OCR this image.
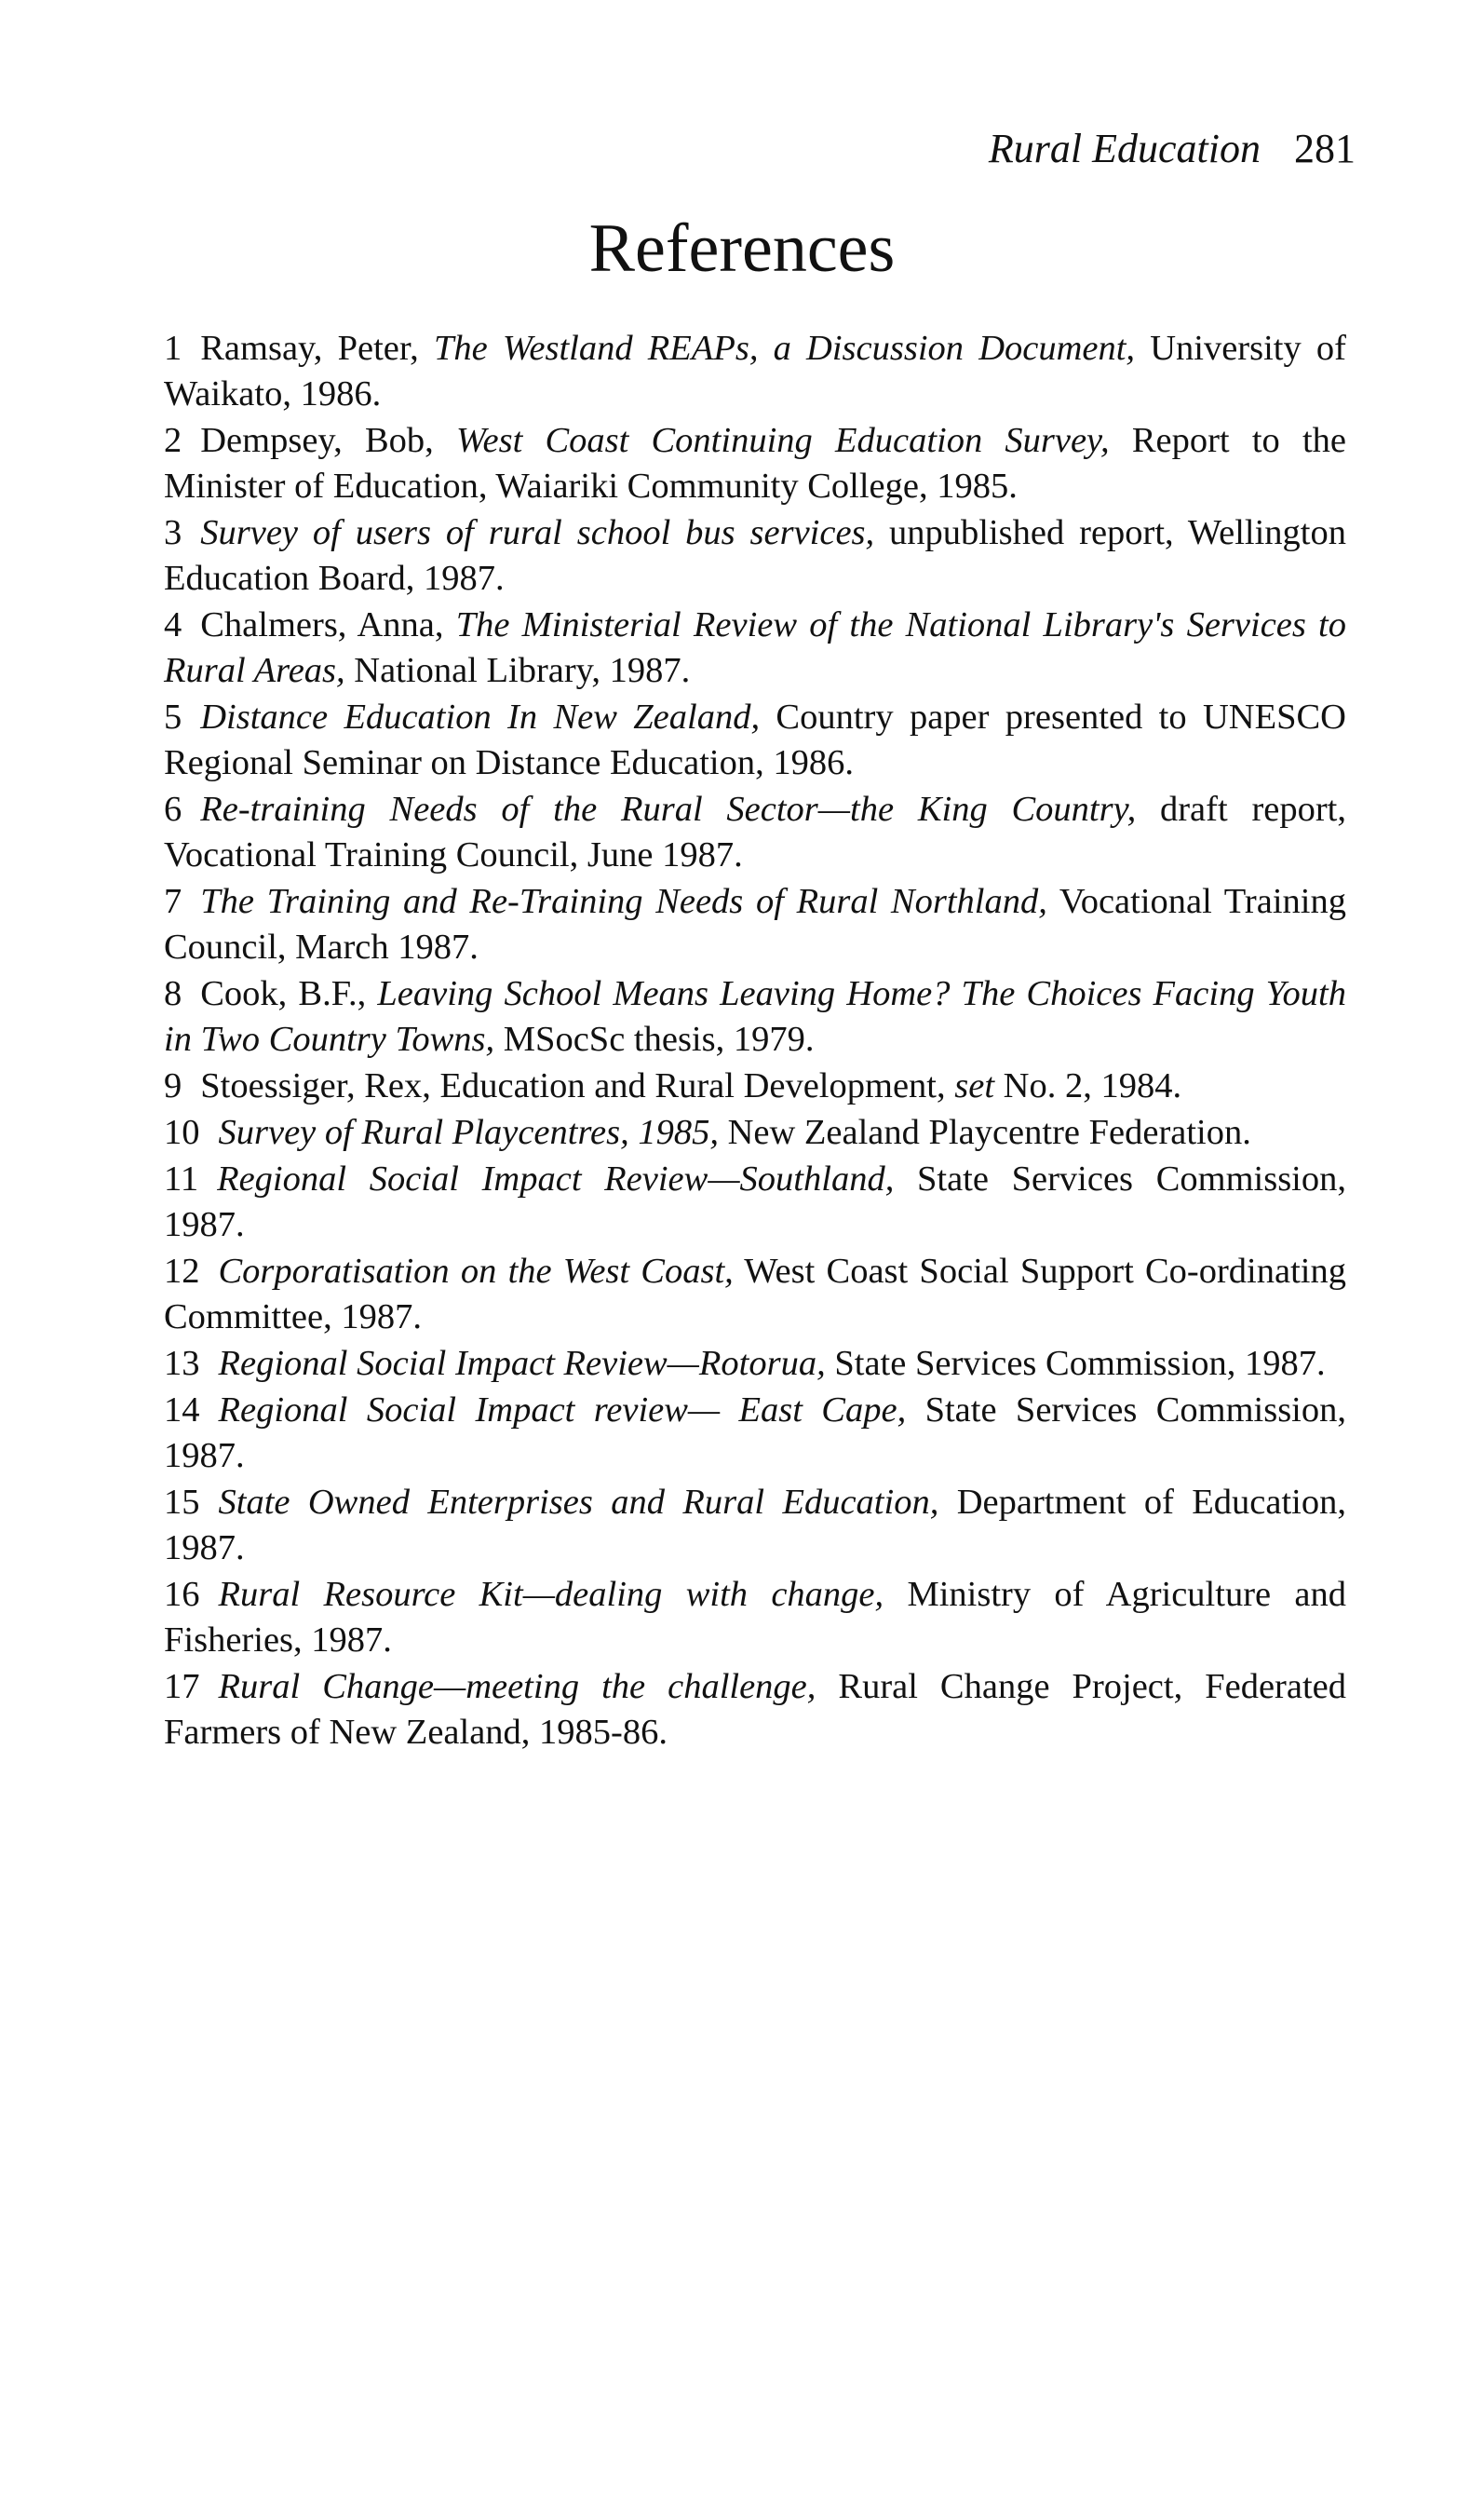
Rural Education 281
References
1 Ramsay, Peter, The Westland REAPs, a Discussion Document, University of Waikato, 1986.
2 Dempsey, Bob, West Coast Continuing Education Survey, Report to the Minister of Education, Waiariki Community College, 1985.
3 Survey of users of rural school bus services, unpublished report, Wellington Education Board, 1987.
4 Chalmers, Anna, The Ministerial Review of the National Library's Services to Rural Areas, National Library, 1987.
5 Distance Education In New Zealand, Country paper presented to UNESCO Regional Seminar on Distance Education, 1986.
6 Re-training Needs of the Rural Sector—the King Country, draft report, Vocational Training Council, June 1987.
7 The Training and Re-Training Needs of Rural Northland, Vocational Training Council, March 1987.
8 Cook, B.F., Leaving School Means Leaving Home? The Choices Facing Youth in Two Country Towns, MSocSc thesis, 1979.
9 Stoessiger, Rex, Education and Rural Development, set No. 2, 1984.
10 Survey of Rural Playcentres, 1985, New Zealand Playcentre Federation.
11 Regional Social Impact Review—Southland, State Services Commission, 1987.
12 Corporatisation on the West Coast, West Coast Social Support Co-ordinating Committee, 1987.
13 Regional Social Impact Review—Rotorua, State Services Commission, 1987.
14 Regional Social Impact review— East Cape, State Services Commission, 1987.
15 State Owned Enterprises and Rural Education, Department of Education, 1987.
16 Rural Resource Kit—dealing with change, Ministry of Agriculture and Fisheries, 1987.
17 Rural Change—meeting the challenge, Rural Change Project, Federated Farmers of New Zealand, 1985-86.
